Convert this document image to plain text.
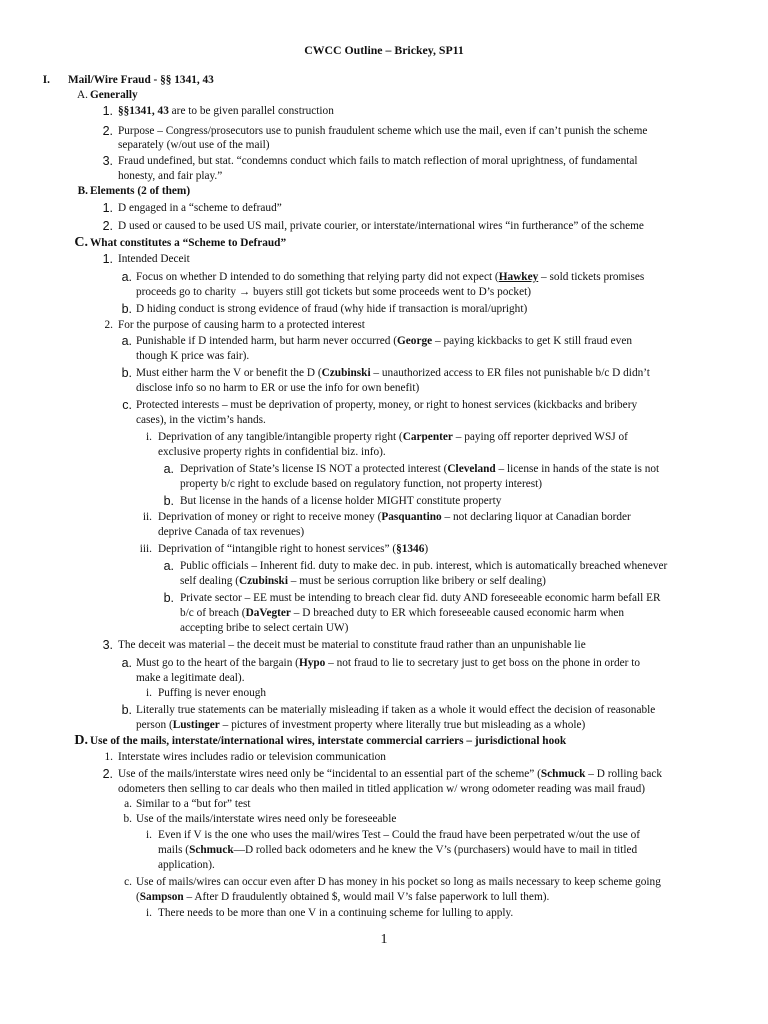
CWCC Outline – Brickey, SP11
I. Mail/Wire Fraud - §§ 1341, 43
A. Generally
1. §§1341, 43 are to be given parallel construction
2. Purpose – Congress/prosecutors use to punish fraudulent scheme which use the mail, even if can’t punish the scheme
separately (w/out use of the mail)
3. Fraud undefined, but stat. “condemns conduct which fails to match reflection of moral uprightness, of fundamental
honesty, and fair play.”
B. Elements (2 of them)
1. D engaged in a “scheme to defraud”
2. D used or caused to be used US mail, private courier, or interstate/international wires “in furtherance” of the scheme
C. What constitutes a “Scheme to Defraud”
1. Intended Deceit
a. Focus on whether D intended to do something that relying party did not expect (Hawkey – sold tickets promises
proceeds go to charity → buyers still got tickets but some proceeds went to D’s pocket)
b. D hiding conduct is strong evidence of fraud (why hide if transaction is moral/upright)
2. For the purpose of causing harm to a protected interest
a. Punishable if D intended harm, but harm never occurred (George – paying kickbacks to get K still fraud even
though K price was fair).
b. Must either harm the V or benefit the D (Czubinski – unauthorized access to ER files not punishable b/c D didn’t
disclose info so no harm to ER or use the info for own benefit)
c. Protected interests – must be deprivation of property, money, or right to honest services (kickbacks and bribery
cases), in the victim’s hands.
i. Deprivation of any tangible/intangible property right (Carpenter – paying off reporter deprived WSJ of
exclusive property rights in confidential biz. info).
a. Deprivation of State’s license IS NOT a protected interest (Cleveland – license in hands of the state is not
property b/c right to exclude based on regulatory function, not property interest)
b. But license in the hands of a license holder MIGHT constitute property
ii. Deprivation of money or right to receive money (Pasquantino – not declaring liquor at Canadian border
deprive Canada of tax revenues)
iii. Deprivation of “intangible right to honest services” (§1346)
a. Public officials – Inherent fid. duty to make dec. in pub. interest, which is automatically breached whenever
self dealing (Czubinski – must be serious corruption like bribery or self dealing)
b. Private sector – EE must be intending to breach clear fid. duty AND foreseeable economic harm befall ER
b/c of breach (DaVegter – D breached duty to ER which foreseeable caused economic harm when
accepting bribe to select certain UW)
3. The deceit was material – the deceit must be material to constitute fraud rather than an unpunishable lie
a. Must go to the heart of the bargain (Hypo – not fraud to lie to secretary just to get boss on the phone in order to
make a legitimate deal).
i. Puffing is never enough
b. Literally true statements can be materially misleading if taken as a whole it would effect the decision of reasonable
person (Lustinger – pictures of investment property where literally true but misleading as a whole)
D. Use of the mails, interstate/international wires, interstate commercial carriers – jurisdictional hook
1. Interstate wires includes radio or television communication
2. Use of the mails/interstate wires need only be “incidental to an essential part of the scheme” (Schmuck – D rolling back
odometers then selling to car deals who then mailed in titled application w/ wrong odometer reading was mail fraud)
a. Similar to a “but for” test
b. Use of the mails/interstate wires need only be foreseeable
i. Even if V is the one who uses the mail/wires Test – Could the fraud have been perpetrated w/out the use of
mails (Schmuck—D rolled back odometers and he knew the V’s (purchasers) would have to mail in titled
application).
c. Use of mails/wires can occur even after D has money in his pocket so long as mails necessary to keep scheme going
(Sampson – After D fraudulently obtained $, would mail V’s false paperwork to lull them).
i. There needs to be more than one V in a continuing scheme for lulling to apply.
1
